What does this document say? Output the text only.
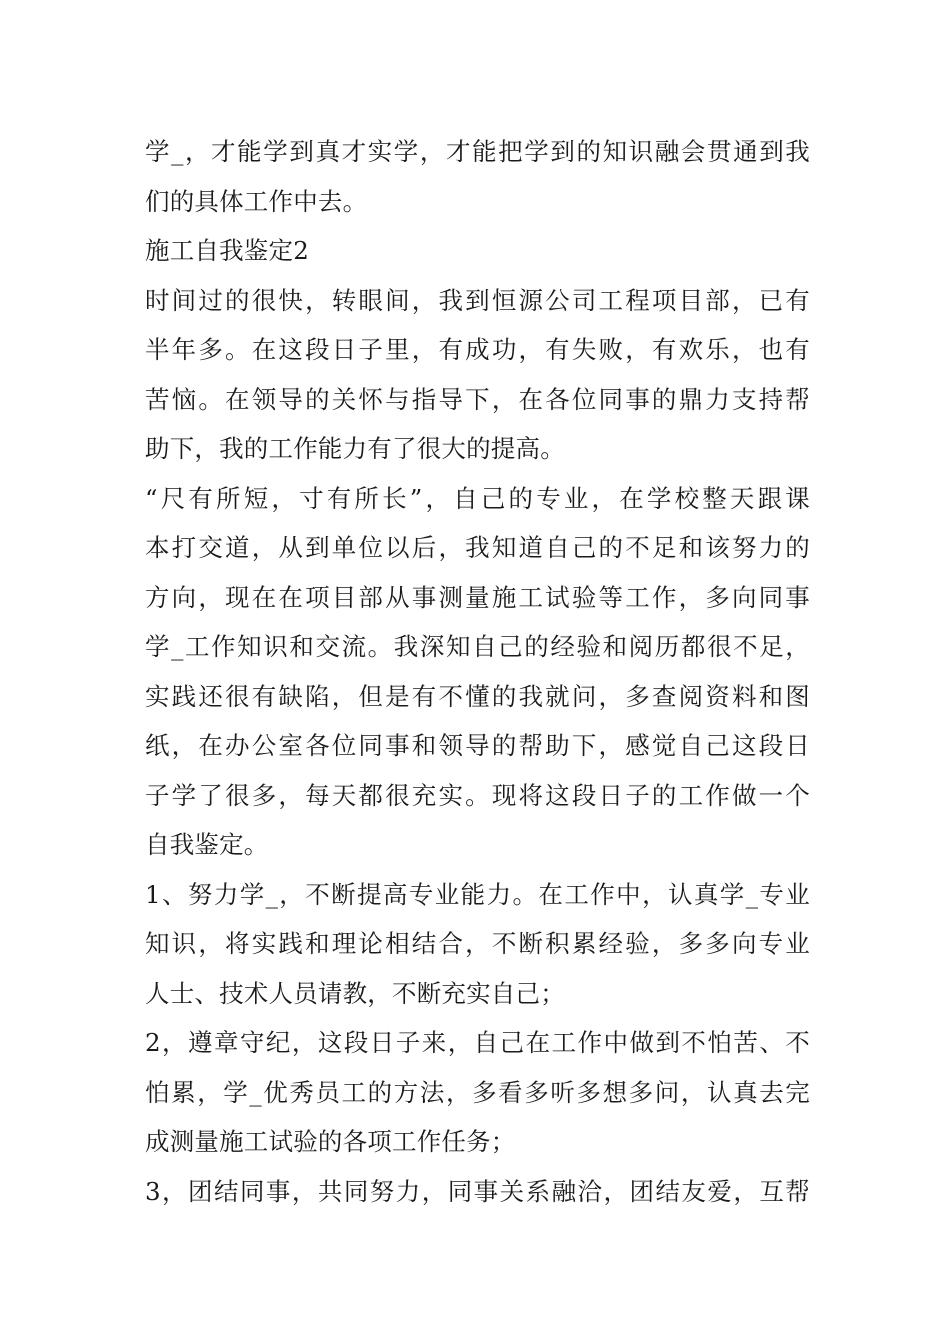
学_，才能学到真才实学，才能把学到的知识融会贯通到我
们的具体工作中去。
施工自我鉴定2
时间过的很快，转眼间，我到恒源公司工程项目部，已有
半年多。在这段日子里，有成功，有失败，有欢乐，也有
苦恼。在领导的关怀与指导下，在各位同事的鼎力支持帮
助下，我的工作能力有了很大的提高。
“尺有所短，寸有所长”，自己的专业，在学校整天跟课
本打交道，从到单位以后，我知道自己的不足和该努力的
方向，现在在项目部从事测量施工试验等工作，多向同事
学_工作知识和交流。我深知自己的经验和阅历都很不足，
实践还很有缺陷，但是有不懂的我就问，多查阅资料和图
纸，在办公室各位同事和领导的帮助下，感觉自己这段日
子学了很多，每天都很充实。现将这段日子的工作做一个
自我鉴定。
1、努力学_，不断提高专业能力。在工作中，认真学_专业
知识，将实践和理论相结合，不断积累经验，多多向专业
人士、技术人员请教，不断充实自己；
2，遵章守纪，这段日子来，自己在工作中做到不怕苦、不
怕累，学_优秀员工的方法，多看多听多想多问，认真去完
成测量施工试验的各项工作任务；
3，团结同事，共同努力，同事关系融洽，团结友爱，互帮
